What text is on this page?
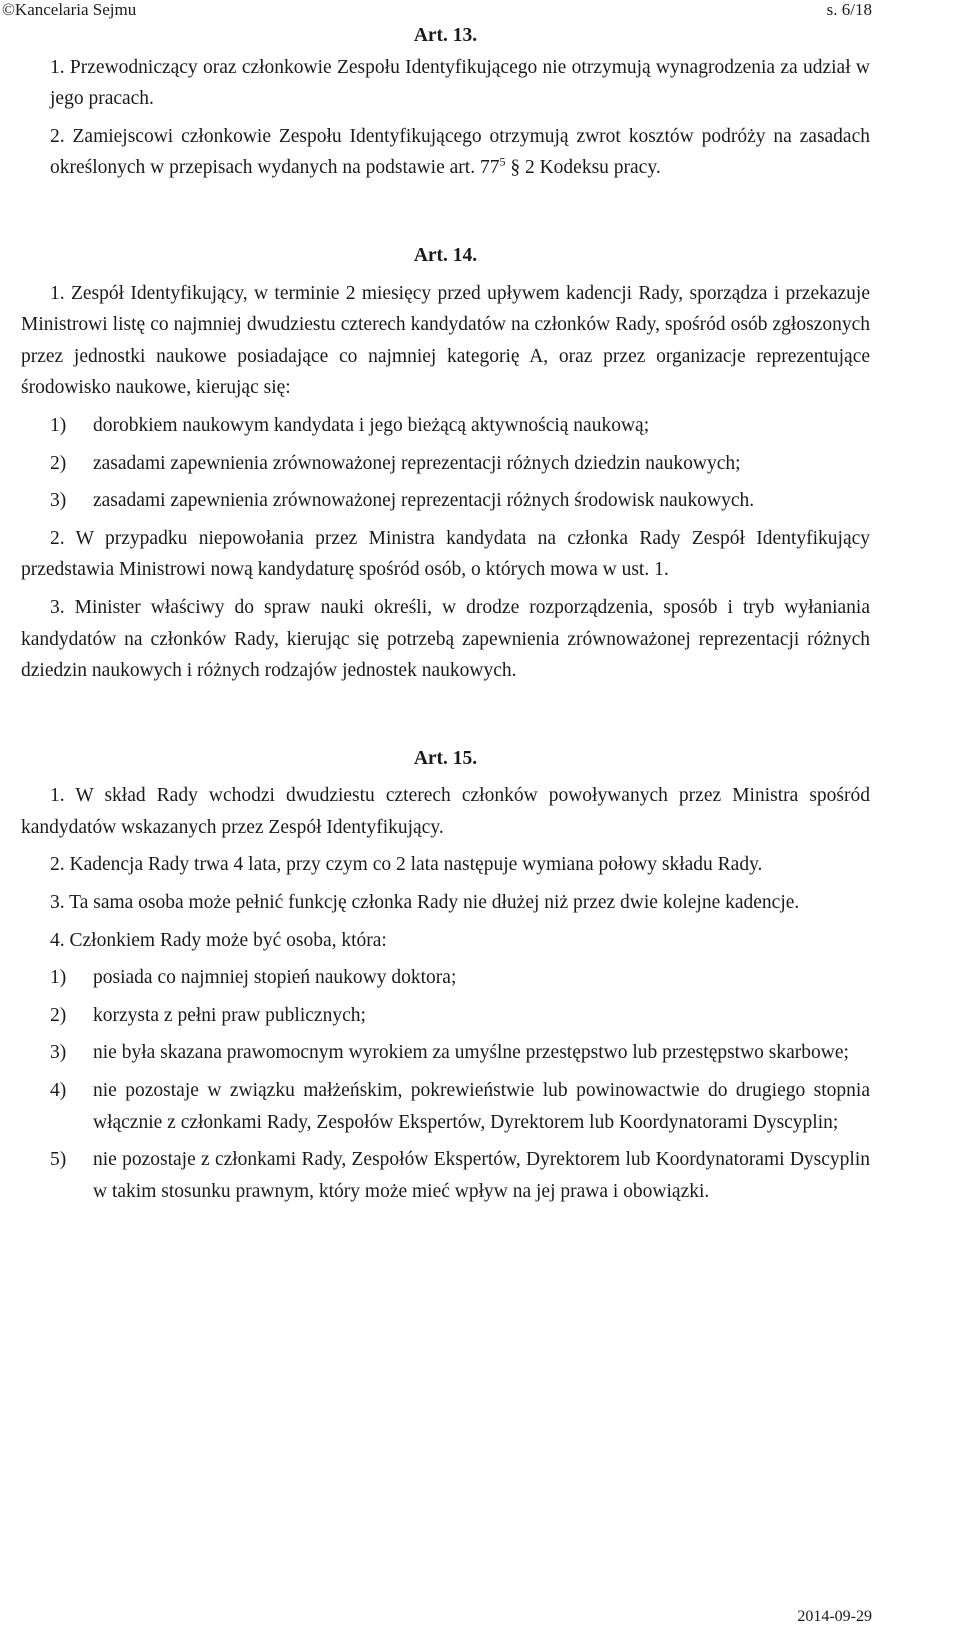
©Kancelaria Sejmu	s. 6/18
Art. 13.

1. Przewodniczący oraz członkowie Zespołu Identyfikującego nie otrzymują wynagrodzenia za udział w jego pracach.

2. Zamiejscowi członkowie Zespołu Identyfikującego otrzymują zwrot kosztów podróży na zasadach określonych w przepisach wydanych na podstawie art. $77^5$ § 2 Kodeksu pracy.

Art. 14.

1. Zespół Identyfikujący, w terminie 2 miesięcy przed upływem kadencji Rady, sporządza i przekazuje Ministrowi listę co najmniej dwudziestu czterech kandydatów na członków Rady, spośród osób zgłoszonych przez jednostki naukowe posiadające co najmniej kategorię A, oraz przez organizacje reprezentujące środowisko naukowe, kierując się:

1) dorobkiem naukowym kandydata i jego bieżącą aktywnością naukową;
2) zasadami zapewnienia zrównoważonej reprezentacji różnych dziedzin naukowych;
3) zasadami zapewnienia zrównoważonej reprezentacji różnych środowisk naukowych.

2. W przypadku niepowołania przez Ministra kandydata na członka Rady Zespół Identyfikujący przedstawia Ministrowi nową kandydaturę spośród osób, o których mowa w ust. 1.

3. Minister właściwy do spraw nauki określi, w drodze rozporządzenia, sposób i tryb wyłaniania kandydatów na członków Rady, kierując się potrzebą zapewnienia zrównoważonej reprezentacji różnych dziedzin naukowych i różnych rodzajów jednostek naukowych.

Art. 15.

1. W skład Rady wchodzi dwudziestu czterech członków powoływanych przez Ministra spośród kandydatów wskazanych przez Zespół Identyfikujący.

2. Kadencja Rady trwa 4 lata, przy czym co 2 lata następuje wymiana połowy składu Rady.

3. Ta sama osoba może pełnić funkcję członka Rady nie dłużej niż przez dwie kolejne kadencje.

4. Członkiem Rady może być osoba, która:

1) posiada co najmniej stopień naukowy doktora;
2) korzysta z pełni praw publicznych;
3) nie była skazana prawomocnym wyrokiem za umyślne przestępstwo lub przestępstwo skarbowe;
4) nie pozostaje w związku małżeńskim, pokrewieństwie lub powinowactwie do drugiego stopnia włącznie z członkami Rady, Zespołów Ekspertów, Dyrektorem lub Koordynatorami Dyscyplin;
5) nie pozostaje z członkami Rady, Zespołów Ekspertów, Dyrektorem lub Koordynatorami Dyscyplin w takim stosunku prawnym, który może mieć wpływ na jej prawa i obowiązki.
2014-09-29
